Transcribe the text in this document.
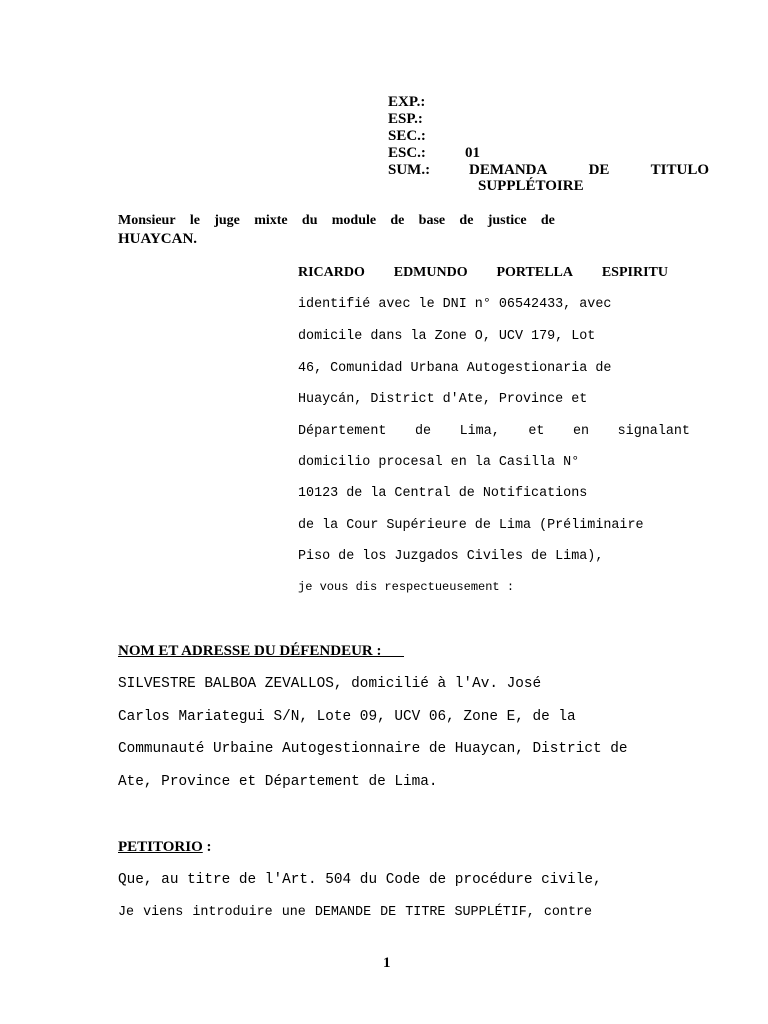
EXP.:
ESP.:
SEC.:
ESC.:	01
SUM.:	DEMANDA	DE	TITULO
SUPPLÉTOIRE
Monsieur le juge mixte du module de base de justice de
HUAYCAN.
RICARDO EDMUNDO PORTELLA ESPIRITU
identifié avec le DNI n° 06542433, avec
domicile dans la Zone O, UCV 179, Lot
46, Comunidad Urbana Autogestionaria de
Huaycán, District d'Ate, Province et
Département de Lima, et en signalant
domicilio procesal en la Casilla N°
10123 de la Central de Notifications
de la Cour Supérieure de Lima (Préliminaire
Piso de los Juzgados Civiles de Lima),
je vous dis respectueusement :
NOM ET ADRESSE DU DÉFENDEUR :
SILVESTRE BALBOA ZEVALLOS, domicilié à l'Av. José
Carlos Mariategui S/N, Lote 09, UCV 06, Zone E, de la
Communauté Urbaine Autogestionnaire de Huaycan, District de
Ate, Province et Département de Lima.
PETITORIO :
Que, au titre de l'Art. 504 du Code de procédure civile,
Je viens introduire une DEMANDE DE TITRE SUPPLÉTIF, contre
1
